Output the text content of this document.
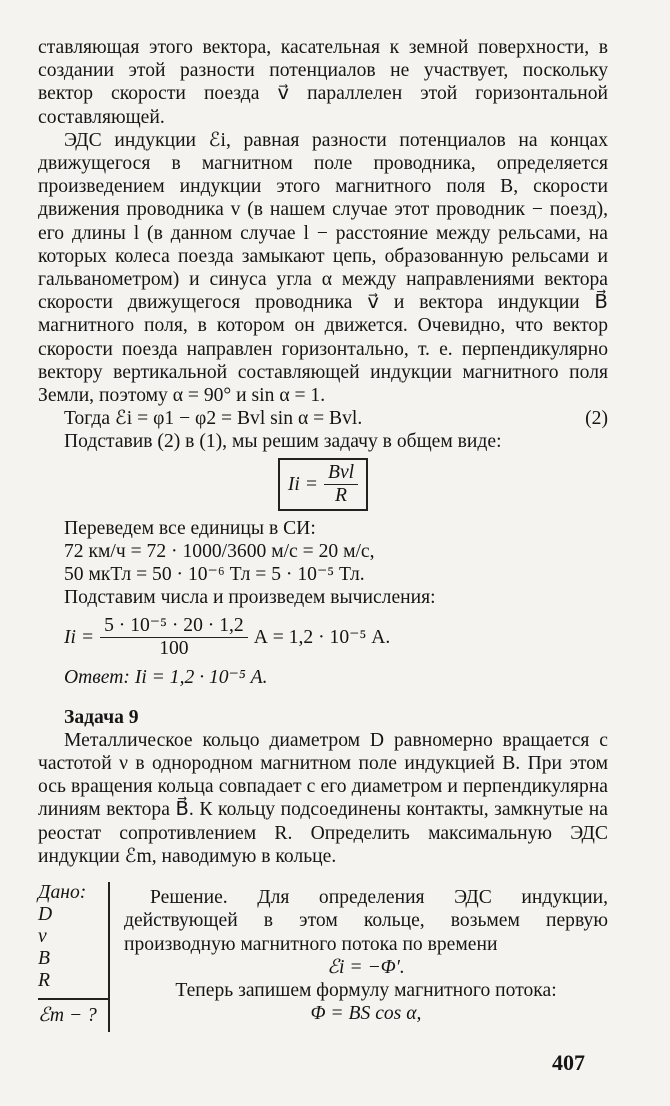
ставляющая этого вектора, касательная к земной поверхности, в создании этой разности потенциалов не участвует, поскольку вектор скорости поезда v⃗ параллелен этой горизонтальной составляющей.

ЭДС индукции ℰi, равная разности потенциалов на концах движущегося в магнитном поле проводника, определяется произведением индукции этого магнитного поля B, скорости движения проводника v (в нашем случае этот проводник − поезд), его длины l (в данном случае l − расстояние между рельсами, на которых колеса поезда замыкают цепь, образованную рельсами и гальванометром) и синуса угла α между направлениями вектора скорости движущегося проводника v⃗ и вектора индукции B⃗ магнитного поля, в котором он движется. Очевидно, что вектор скорости поезда направлен горизонтально, т. е. перпендикулярно вектору вертикальной составляющей индукции магнитного поля Земли, поэтому α = 90° и sin α = 1.

Тогда ℰi = φ1 − φ2 = Bvl sin α = Bvl.	(2)

Подставив (2) в (1), мы решим задачу в общем виде:

$Ii = \frac{\text{Bvl}}{R}$
Переведем все единицы в СИ:
72 км/ч = 72 · 1000/3600 м/с = 20 м/с,
50 мкТл = 50 · 10⁻⁶ Тл = 5 · 10⁻⁵ Тл.
Подставим числа и произведем вычисления:
$Ii = \frac{\text{5 · 10⁻⁵ · 20 · 1,2}}{100}$ А = 1,2 · 10⁻⁵ А.
Ответ: Ii = 1,2 · 10⁻⁵ А.
Задача 9

Металлическое кольцо диаметром D равномерно вращается с частотой ν в однородном магнитном поле индукцией B. При этом ось вращения кольца совпадает с его диаметром и перпендикулярна линиям вектора B⃗. К кольцу подсоединены контакты, замкнутые на реостат сопротивлением R. Определить максимальную ЭДС индукции ℰm, наводимую в кольце.

Дано:
D
ν
B
R
ℰm − ?

Решение. Для определения ЭДС индукции, действующей в этом кольце, возьмем первую производную магнитного потока по времени

ℰi = −Φ′.
Теперь запишем формулу магнитного потока:
Φ = BS cos α,
407
